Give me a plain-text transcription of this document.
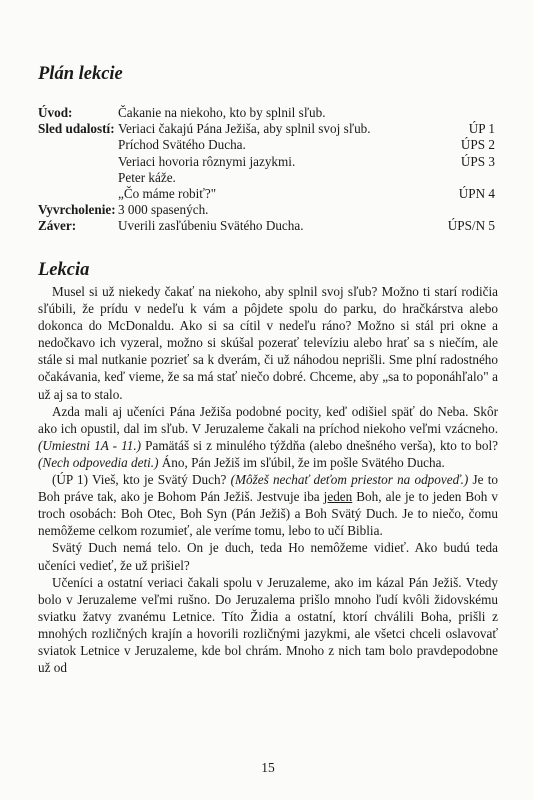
Plán lekcie
Úvod:	Čakanie na niekoho, kto by splnil sľub.
Sled udalostí: Veriaci čakajú Pána Ježiša, aby splnil svoj sľub.	ÚP 1
Príchod Svätého Ducha.	ÚPS 2
Veriaci hovoria rôznymi jazykmi.	ÚPS 3
Peter káže.
„Čo máme robiť?"	ÚPN 4
Vyvrcholenie: 3 000 spasených.
Záver:	Uverili zasľúbeniu Svätého Ducha.	ÚPS/N 5
Lekcia

Musel si už niekedy čakať na niekoho, aby splnil svoj sľub? Možno ti starí rodičia sľúbili, že prídu v nedeľu k vám a pôjdete spolu do parku, do hračkárstva alebo dokonca do McDonaldu. Ako si sa cítil v nedeľu ráno? Možno si stál pri okne a nedočkavo ich vyzeral, možno si skúšal pozerať televíziu alebo hrať sa s niečím, ale stále si mal nutkanie pozrieť sa k dverám, či už náhodou neprišli. Sme plní radostného očakávania, keď vieme, že sa má stať niečo dobré. Chceme, aby „sa to poponáhľalo" a už aj sa to stalo.

Azda mali aj učeníci Pána Ježiša podobné pocity, keď odišiel späť do Neba. Skôr ako ich opustil, dal im sľub. V Jeruzaleme čakali na príchod niekoho veľmi vzácneho. (Umiestni 1A - 11.) Pamätáš si z minulého týždňa (alebo dnešného verša), kto to bol? (Nech odpovedia deti.) Áno, Pán Ježiš im sľúbil, že im pošle Svätého Ducha.

(ÚP 1) Vieš, kto je Svätý Duch? (Môžeš nechať deťom priestor na odpoveď.) Je to Boh práve tak, ako je Bohom Pán Ježiš. Jestvuje iba jeden Boh, ale je to jeden Boh v troch osobách: Boh Otec, Boh Syn (Pán Ježiš) a Boh Svätý Duch. Je to niečo, čomu nemôžeme celkom rozumieť, ale veríme tomu, lebo to učí Biblia.

Svätý Duch nemá telo. On je duch, teda Ho nemôžeme vidieť. Ako budú teda učeníci vedieť, že už prišiel?

Učeníci a ostatní veriaci čakali spolu v Jeruzaleme, ako im kázal Pán Ježiš. Vtedy bolo v Jeruzaleme veľmi rušno. Do Jeruzalema prišlo mnoho ľudí kvôli židovskému sviatku žatvy zvanému Letnice. Títo Židia a ostatní, ktorí chválili Boha, prišli z mnohých rozličných krajín a hovorili rozličnými jazykmi, ale všetci chceli oslavovať sviatok Letnice v Jeruzaleme, kde bol chrám. Mnoho z nich tam bolo pravdepodobne už od

15
